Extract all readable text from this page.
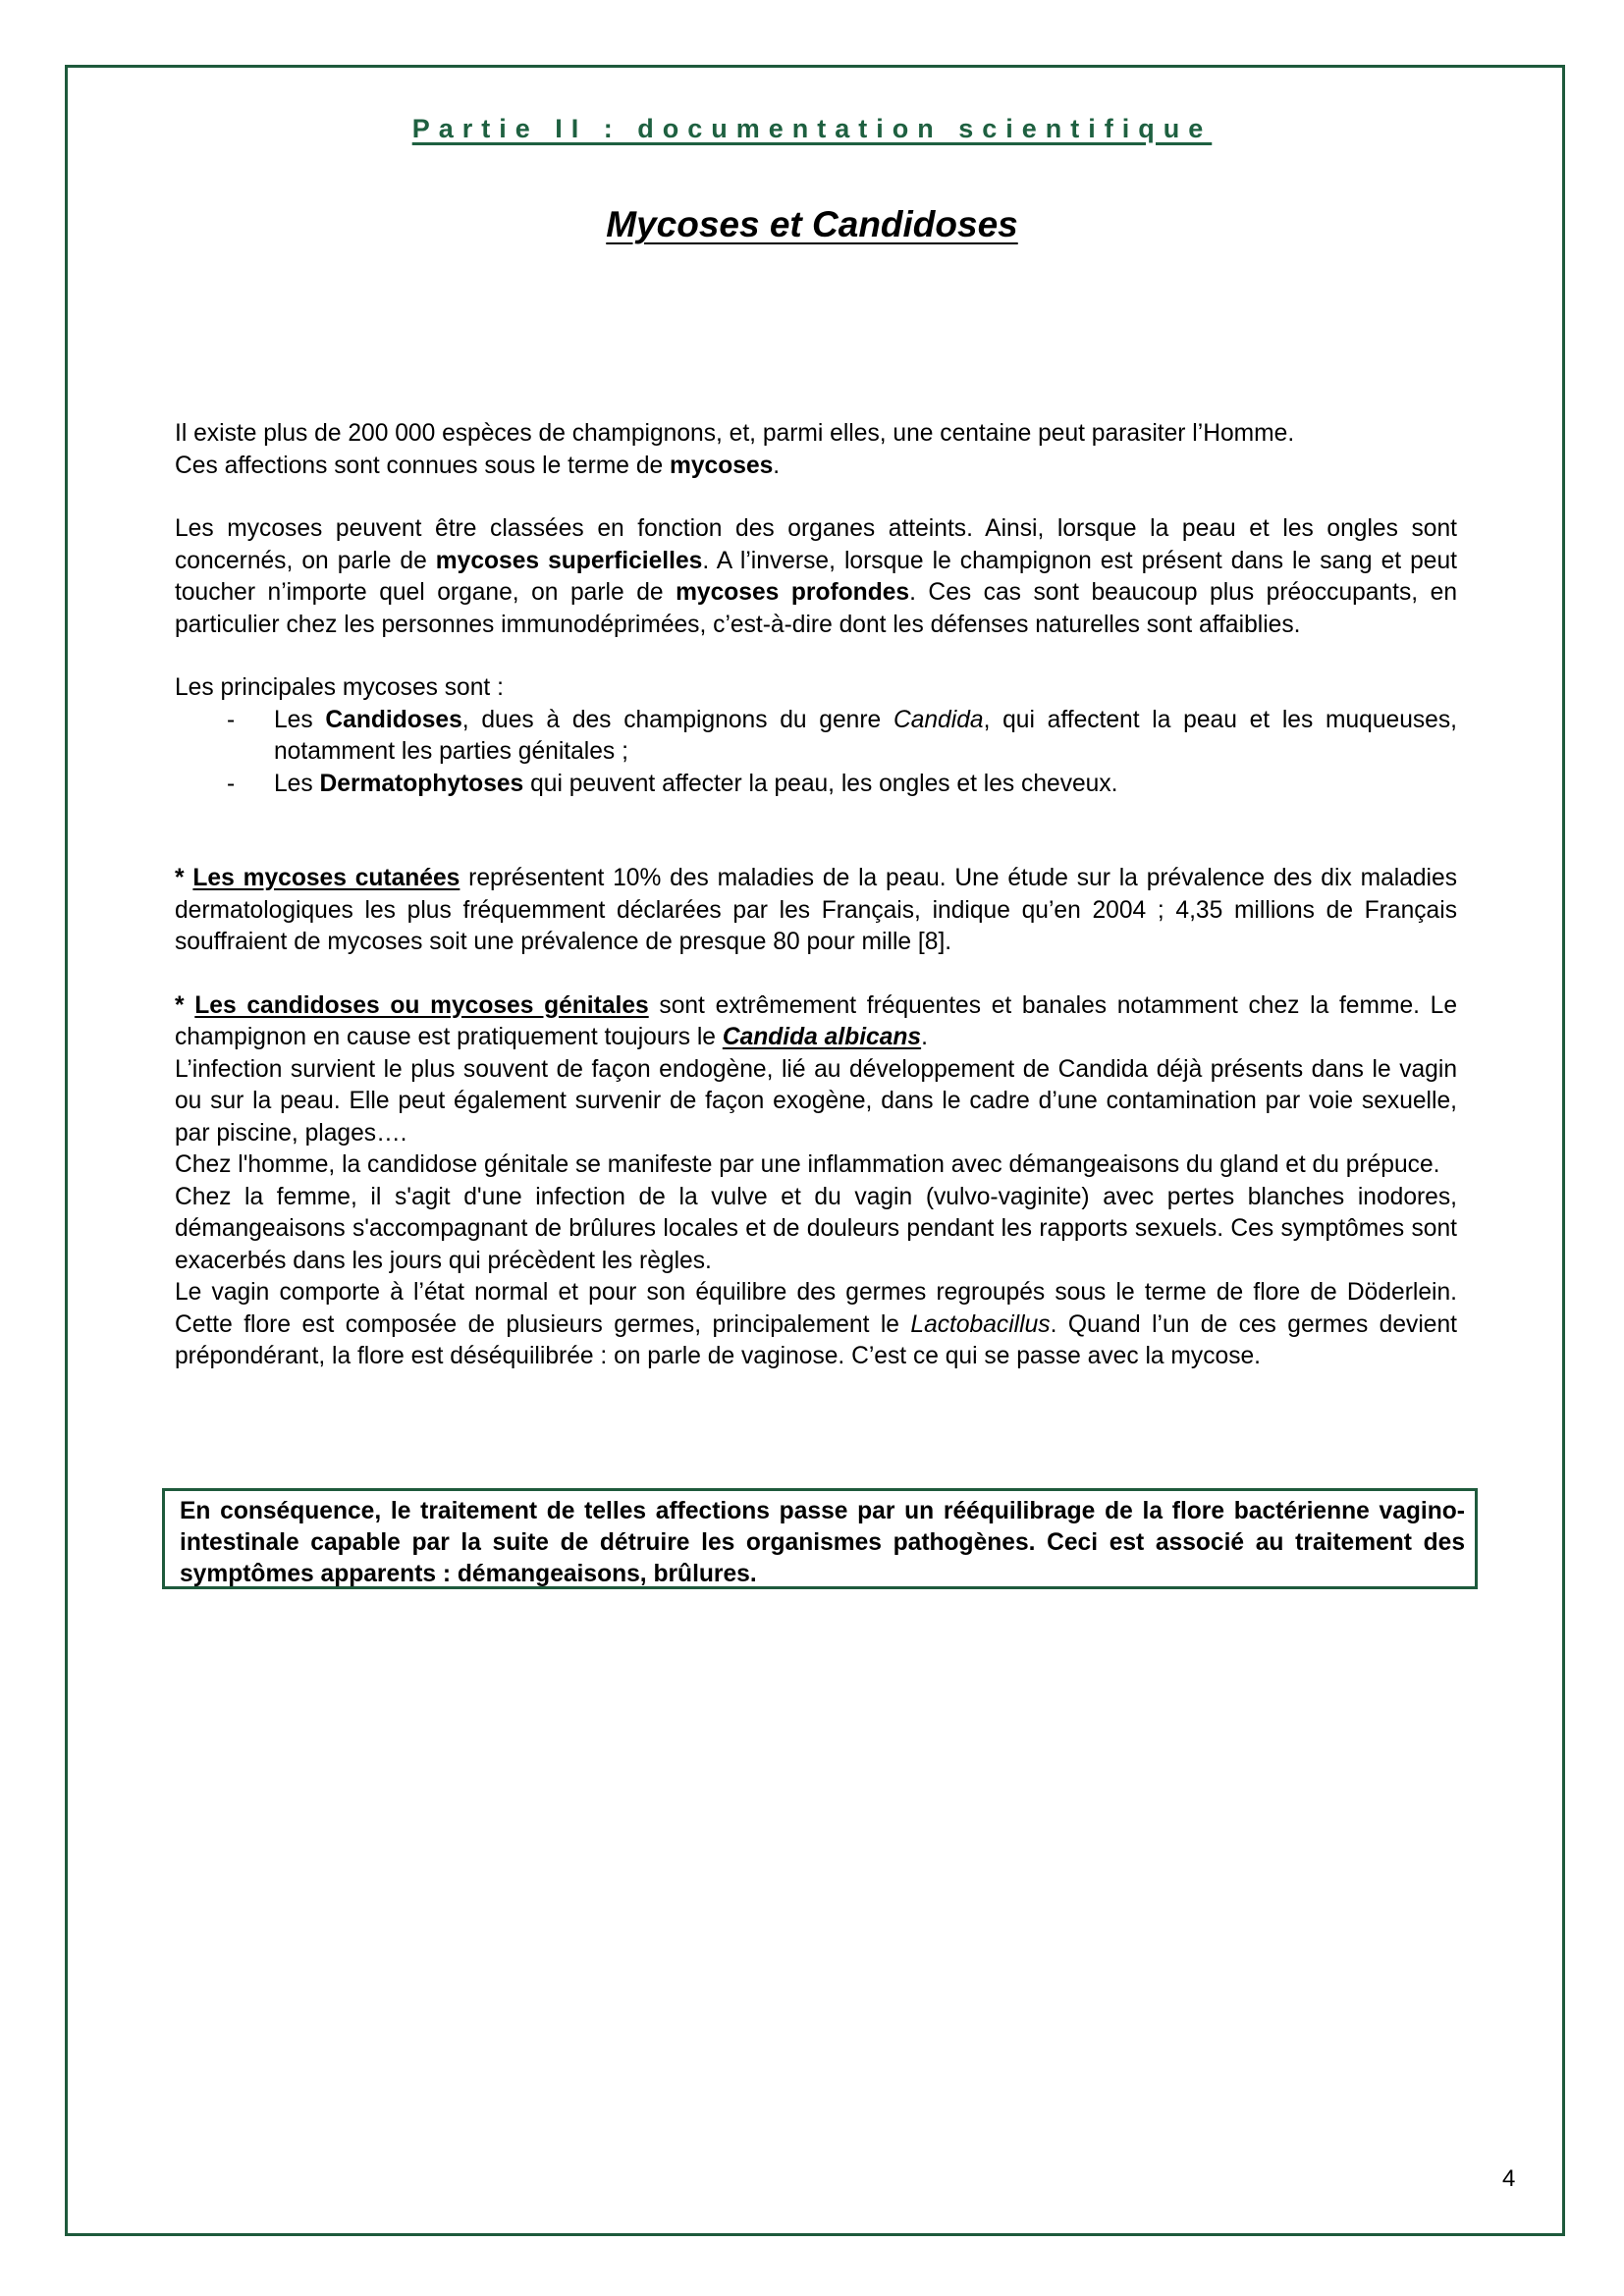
Partie II : documentation scientifique
Mycoses et Candidoses

Il existe plus de 200 000 espèces de champignons, et, parmi elles, une centaine peut parasiter l’Homme.
Ces affections sont connues sous le terme de mycoses.

Les mycoses peuvent être classées en fonction des organes atteints. Ainsi, lorsque la peau et les ongles sont concernés, on parle de mycoses superficielles. A l’inverse, lorsque le champignon est présent dans le sang et peut toucher n’importe quel organe, on parle de mycoses profondes. Ces cas sont beaucoup plus préoccupants, en particulier chez les personnes immunodéprimées, c’est-à-dire dont les défenses naturelles sont affaiblies.

Les principales mycoses sont :

- Les Candidoses, dues à des champignons du genre Candida, qui affectent la peau et les muqueuses, notamment les parties génitales ;

- Les Dermatophytoses qui peuvent affecter la peau, les ongles et les cheveux.

* Les mycoses cutanées représentent 10% des maladies de la peau. Une étude sur la prévalence des dix maladies dermatologiques les plus fréquemment déclarées par les Français, indique qu’en 2004 ; 4,35 millions de Français souffraient de mycoses soit une prévalence de presque 80 pour mille [8].

* Les candidoses ou mycoses génitales sont extrêmement fréquentes et banales notamment chez la femme. Le champignon en cause est pratiquement toujours le Candida albicans.

L’infection survient le plus souvent de façon endogène, lié au développement de Candida déjà présents dans le vagin ou sur la peau. Elle peut également survenir de façon exogène, dans le cadre d’une contamination par voie sexuelle, par piscine, plages….

Chez l'homme, la candidose génitale se manifeste par une inflammation avec démangeaisons du gland et du prépuce.

Chez la femme, il s'agit d'une infection de la vulve et du vagin (vulvo-vaginite) avec pertes blanches inodores, démangeaisons s'accompagnant de brûlures locales et de douleurs pendant les rapports sexuels. Ces symptômes sont exacerbés dans les jours qui précèdent les règles.

Le vagin comporte à l’état normal et pour son équilibre des germes regroupés sous le terme de flore de Döderlein. Cette flore est composée de plusieurs germes, principalement le Lactobacillus. Quand l’un de ces germes devient prépondérant, la flore est déséquilibrée : on parle de vaginose. C’est ce qui se passe avec la mycose.

En conséquence, le traitement de telles affections passe par un rééquilibrage de la flore bactérienne vagino-intestinale capable par la suite de détruire les organismes pathogènes. Ceci est associé au traitement des symptômes apparents : démangeaisons, brûlures.

4
